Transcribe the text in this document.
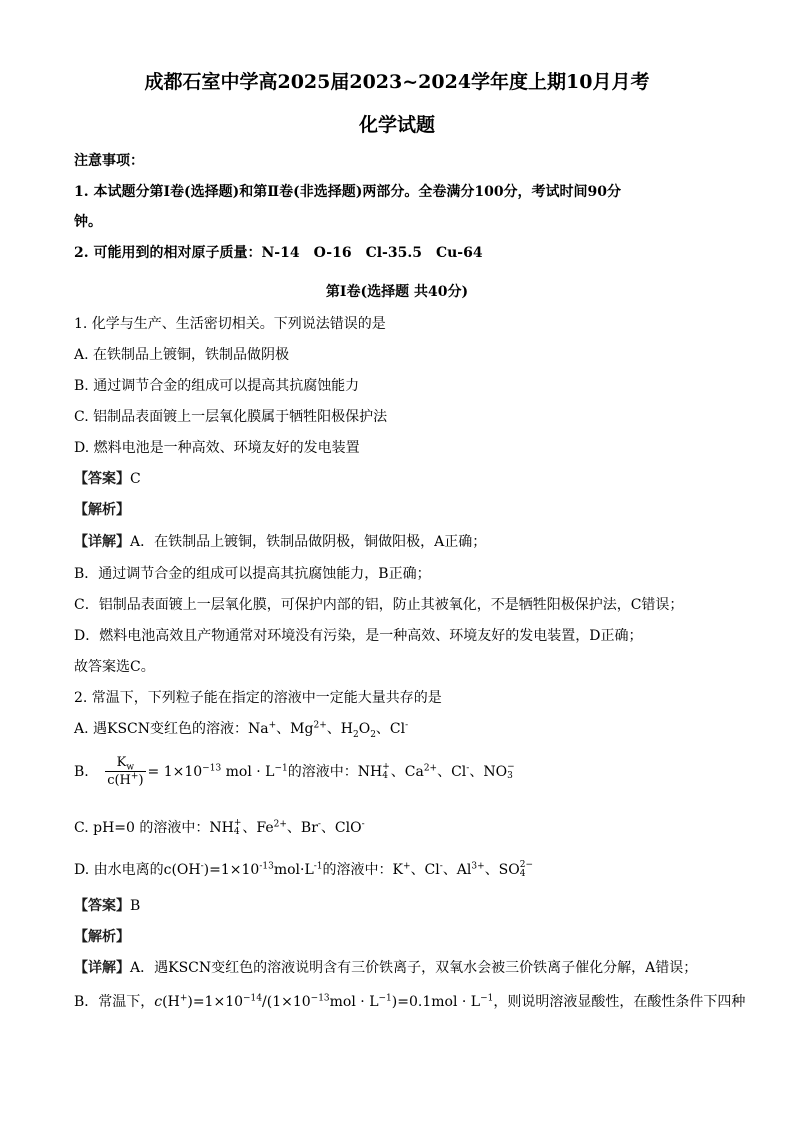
成都石室中学高2025届2023~2024学年度上期10月月考
化学试题
注意事项：
1. 本试题分第Ⅰ卷(选择题)和第Ⅱ卷(非选择题)两部分。全卷满分100分，考试时间90分
钟。
2. 可能用到的相对原子质量：N-14　O-16　Cl-35.5　Cu-64
第Ⅰ卷(选择题 共40分)
1. 化学与生产、生活密切相关。下列说法错误的是
A. 在铁制品上镀铜，铁制品做阴极
B. 通过调节合金的组成可以提高其抗腐蚀能力
C. 铝制品表面镀上一层氧化膜属于牺牲阳极保护法
D. 燃料电池是一种高效、环境友好的发电装置
【答案】C
【解析】
【详解】A．在铁制品上镀铜，铁制品做阴极，铜做阳极，A正确；
B．通过调节合金的组成可以提高其抗腐蚀能力，B正确；
C．铝制品表面镀上一层氧化膜，可保护内部的铝，防止其被氧化，不是牺牲阳极保护法，C错误；
D．燃料电池高效且产物通常对环境没有污染，是一种高效、环境友好的发电装置，D正确；
故答案选C。
2. 常温下，下列粒子能在指定的溶液中一定能大量共存的是
A. 遇KSCN变红色的溶液：Na+、$Mg^{2+}$、$H_2O_2$、Cl-
B. $\frac{K_w}{c(H^+)} = 1\times 10^{-13}$ mol · $L^{-1}$的溶液中：NH +
4 、$Ca^{2+}$、Cl-、NO −
3
C. pH=0 的溶液中：NH +
4 、$Fe^{2+}$、Br-、ClO-
D. 由水电离的$c(OH^-)=1\times 10^{-13}mol\cdot L^{-1}$的溶液中：K+、Cl-、$Al^{3+}$、SO 2−
4
【答案】B
【解析】
【详解】A．遇KSCN变红色的溶液说明含有三价铁离子，双氧水会被三价铁离子催化分解，A错误；
B．常温下，$c(H^+)=1\times 10^{-14}/(1\times 10^{-13}mol \cdot L^{-1})=0.1mol \cdot L^{-1}$，则说明溶液显酸性，在酸性条件下四种
